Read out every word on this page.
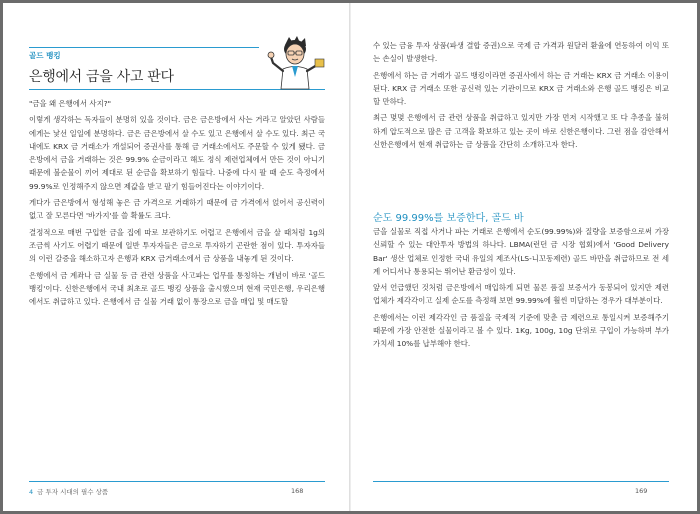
골드 뱅킹
은행에서 금을 사고 판다

"금을 왜 은행에서 사지?"

이렇게 생각하는 독자들이 분명히 있을 것이다. 금은 금은방에서 사는 거라고 알았던 사람들에게는 낯선 일일에 분명하다. 금은 금은방에서 살 수도 있고 은행에서 살 수도 있다. 최근 국내에도 KRX 금 거래소가 개설되어 증권사를 통해 금 거래소에서도 주문할 수 있게 됐다. 금은방에서 금을 거래하는 것은 99.9% 순금이라고 해도 정식 제련업체에서 만든 것이 아니기 때문에 불순물이 끼어 제대로 된 순금을 확보하기 힘들다. 나중에 다시 팔 때 순도 측정에서 99.9%로 인정해주지 않으면 제값을 받고 팔기 힘들어진다는 이야기이다.

게다가 금은방에서 형성해 놓은 금 가격으로 거래하기 때문에 금 가격에서 얹어서 공신력이 없고 잘 모른다면 '바가지'를 쓸 확률도 크다.

결정적으로 매번 구입한 금을 집에 따로 보관하기도 어렵고 은행에서 금을 살 때처럼 1g의 조금씩 사기도 어렵기 때문에 일반 투자자들은 금으로 투자하기 곤란한 점이 있다. 투자자들의 이런 갈증을 해소하고자 은행과 KRX 금거래소에서 금 상품을 내놓게 된 것이다.

은행에서 금 계좌나 금 실물 등 금 관련 상품을 사고파는 업무를 통칭하는 개념이 바로 '골드 뱅킹'이다. 신한은행에서 국내 최초로 골드 뱅킹 상품을 출시했으며 현재 국민은행, 우리은행에서도 취급하고 있다. 은행에서 금 실물 거래 없이 통장으로 금을 매입 및 매도할

4 금 투자 시대의 필수 상품	168

수 있는 금융 투자 상품(파생 결합 증권)으로 국제 금 가격과 원달러 환율에 연동하여 이익 또는 손실이 발생한다.

은행에서 하는 금 거래가 골드 뱅킹이라면 증권사에서 하는 금 거래는 KRX 금 거래소 이용이 된다. KRX 금 거래소 또한 공신력 있는 기관이므로 KRX 금 거래소와 은행 골드 뱅킹은 비교할 만하다.

최근 몇몇 은행에서 금 관련 상품을 취급하고 있지만 가장 먼저 시작했고 또 다 추종을 불허하게 압도적으로 많은 금 고객을 확보하고 있는 곳이 바로 신한은행이다. 그런 점을 감안해서 신한은행에서 현재 취급하는 금 상품을 간단히 소개하고자 한다.

순도 99.99%를 보증한다, 골드 바

금을 실물로 직접 사거나 파는 거래로 은행에서 순도(99.99%)와 질량을 보증함으로써 가장 신뢰할 수 있는 대안투자 방법의 하나다. LBMA(런던 금 시장 협회)에서 'Good Delivery Bar' 생산 업체로 인정한 국내 유일의 제조사(LS-니꼬동제련) 골드 바만을 취급하므로 전 세계 어디서나 통용되는 뛰어난 환금성이 있다.

앞서 언급했던 것처럼 금은방에서 매입하게 되면 물론 품질 보증서가 동봉되어 있지만 제련 업체가 제각각이고 실제 순도를 측정해 보면 99.99%에 훨씬 미달하는 경우가 대부분이다.

은행에서는 이런 제각각인 금 품질을 국제적 기준에 맞춘 금 제련으로 통일시켜 보증해주기 때문에 가장 안전한 실물이라고 볼 수 있다. 1Kg, 100g, 10g 단위로 구입이 가능하며 부가가치세 10%를 납부해야 한다.

169
